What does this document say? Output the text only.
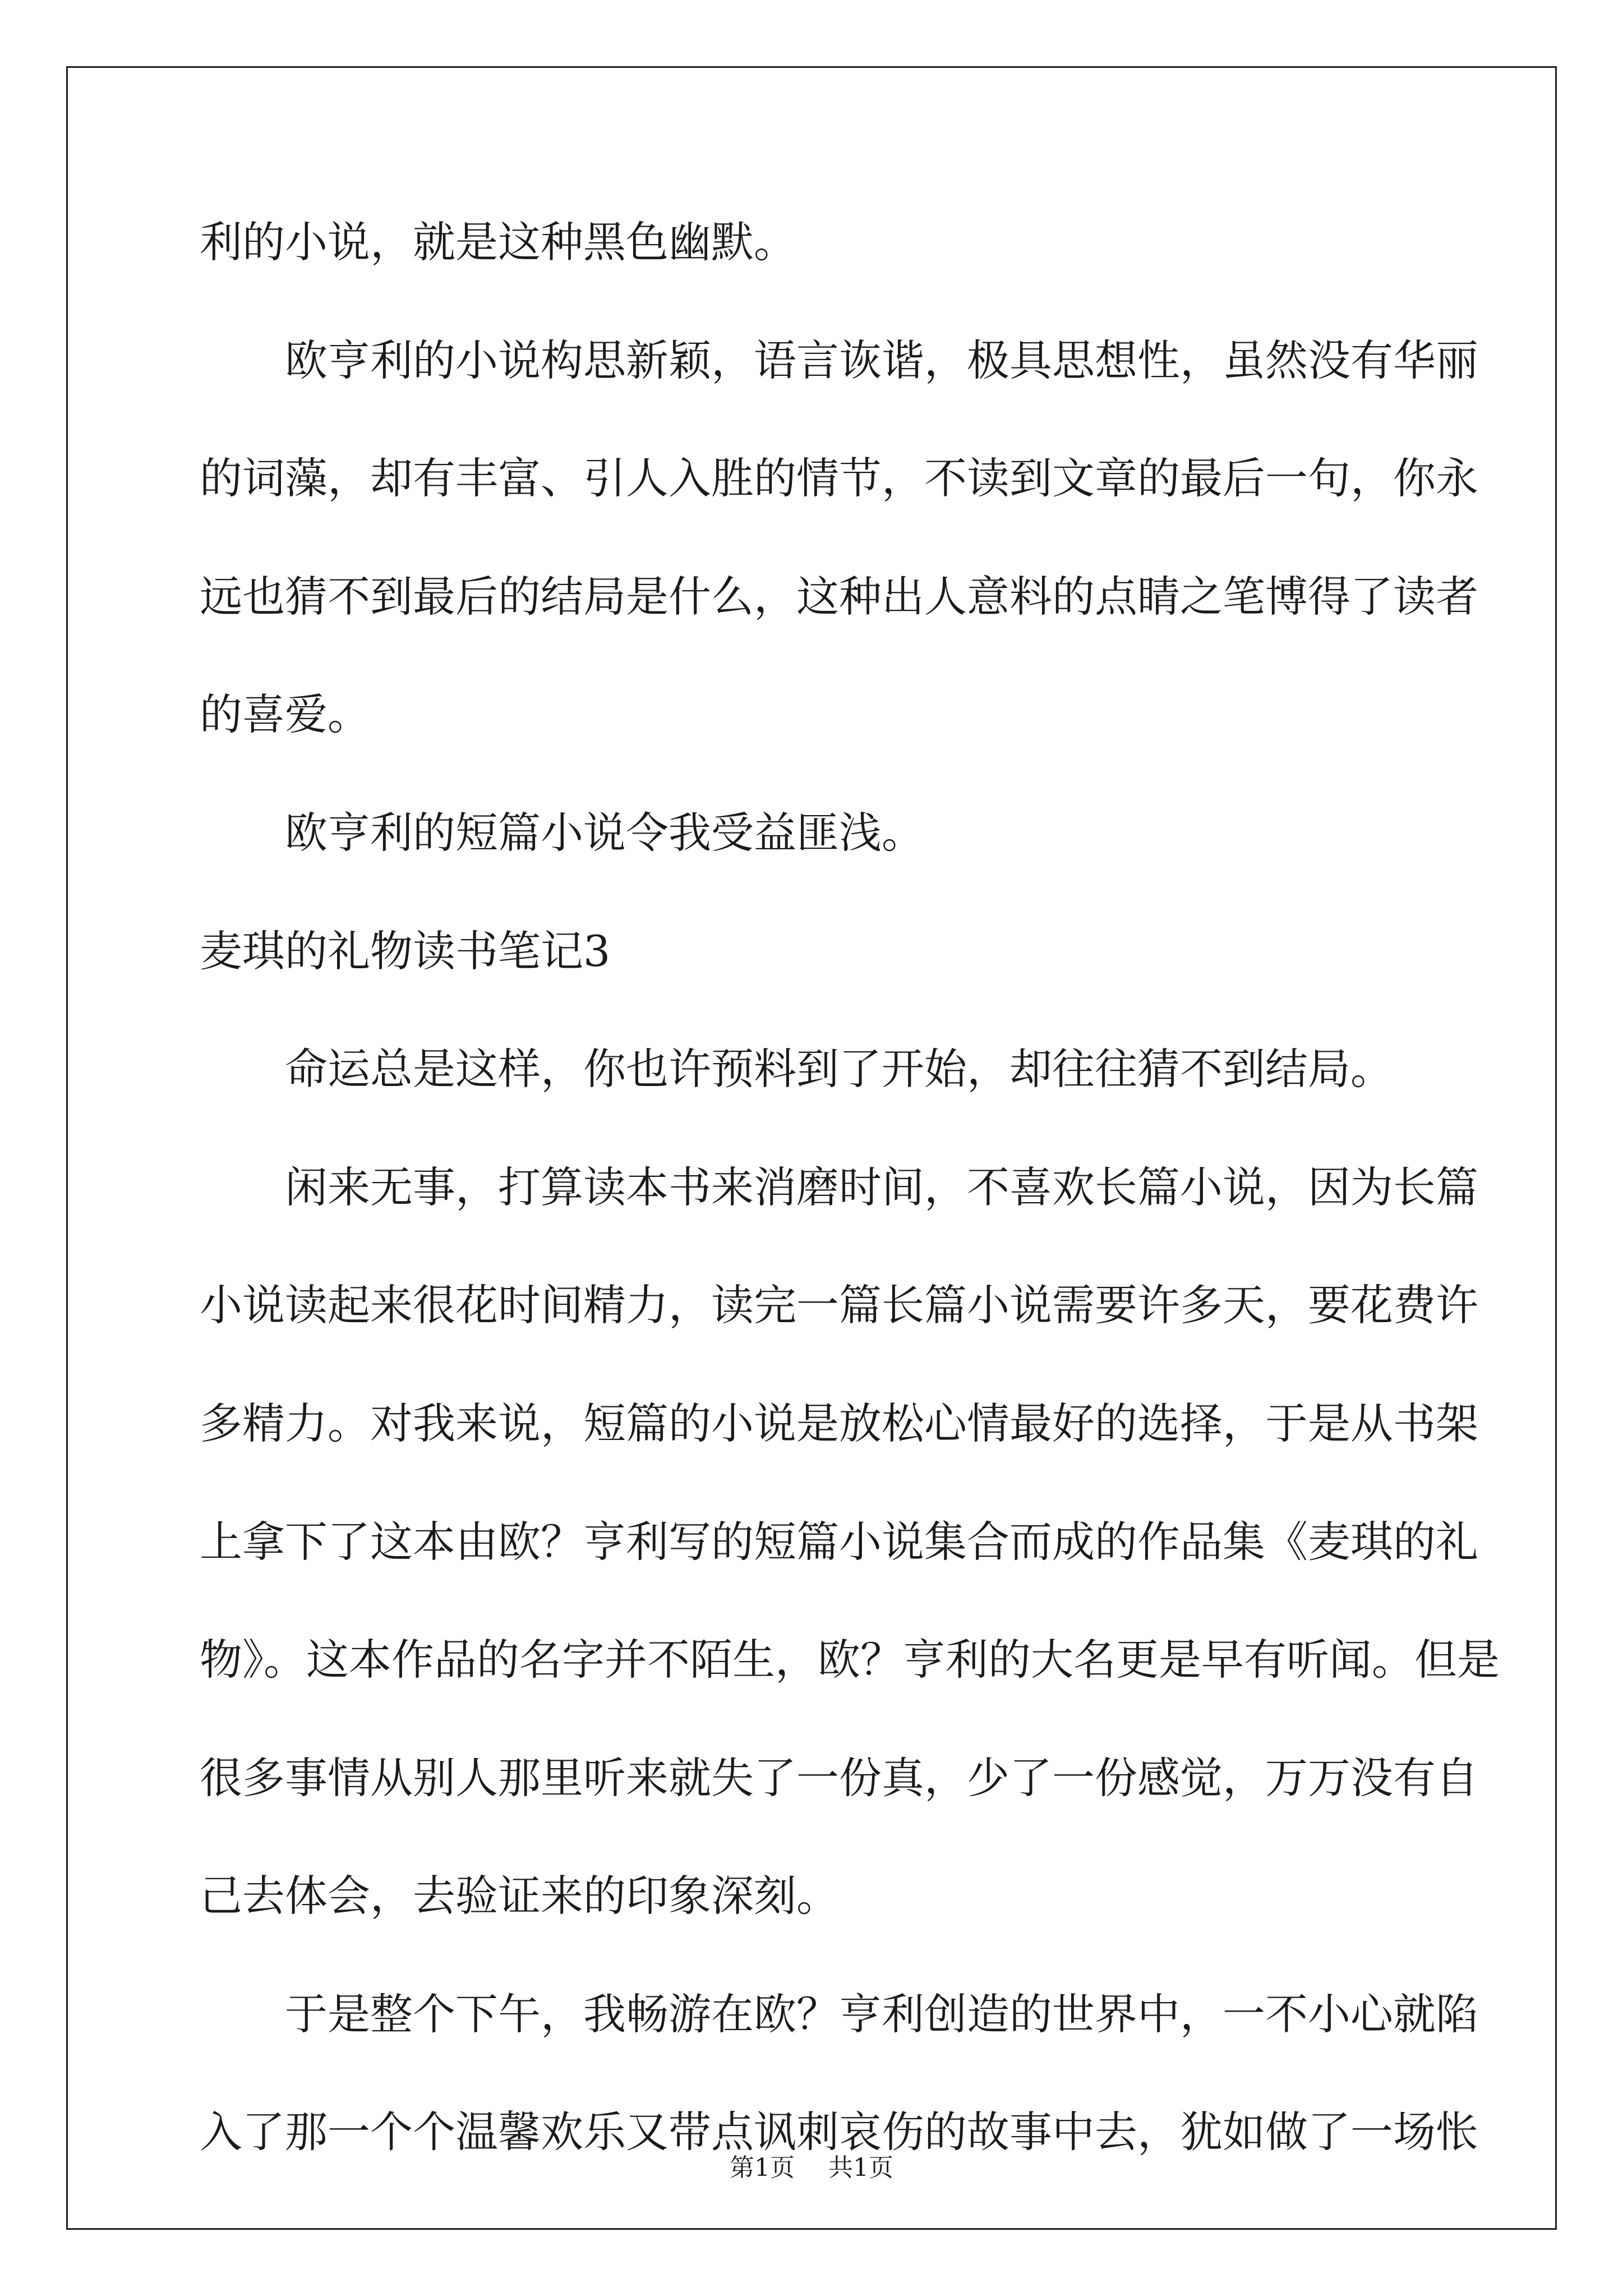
利的小说，就是这种黑色幽默。
欧亨利的小说构思新颖，语言诙谐，极具思想性，虽然没有华丽
的词藻，却有丰富、引人入胜的情节，不读到文章的最后一句，你永
远也猜不到最后的结局是什么，这种出人意料的点睛之笔博得了读者
的喜爱。
欧亨利的短篇小说令我受益匪浅。
麦琪的礼物读书笔记3
命运总是这样，你也许预料到了开始，却往往猜不到结局。
闲来无事，打算读本书来消磨时间，不喜欢长篇小说，因为长篇
小说读起来很花时间精力，读完一篇长篇小说需要许多天，要花费许
多精力。对我来说，短篇的小说是放松心情最好的选择，于是从书架
上拿下了这本由欧？亨利写的短篇小说集合而成的作品集《麦琪的礼
物》。这本作品的名字并不陌生，欧？亨利的大名更是早有听闻。但是
很多事情从别人那里听来就失了一份真，少了一份感觉，万万没有自
己去体会，去验证来的印象深刻。
于是整个下午，我畅游在欧？亨利创造的世界中，一不小心就陷
入了那一个个温馨欢乐又带点讽刺哀伤的故事中去，犹如做了一场怅
第1页 共1页
